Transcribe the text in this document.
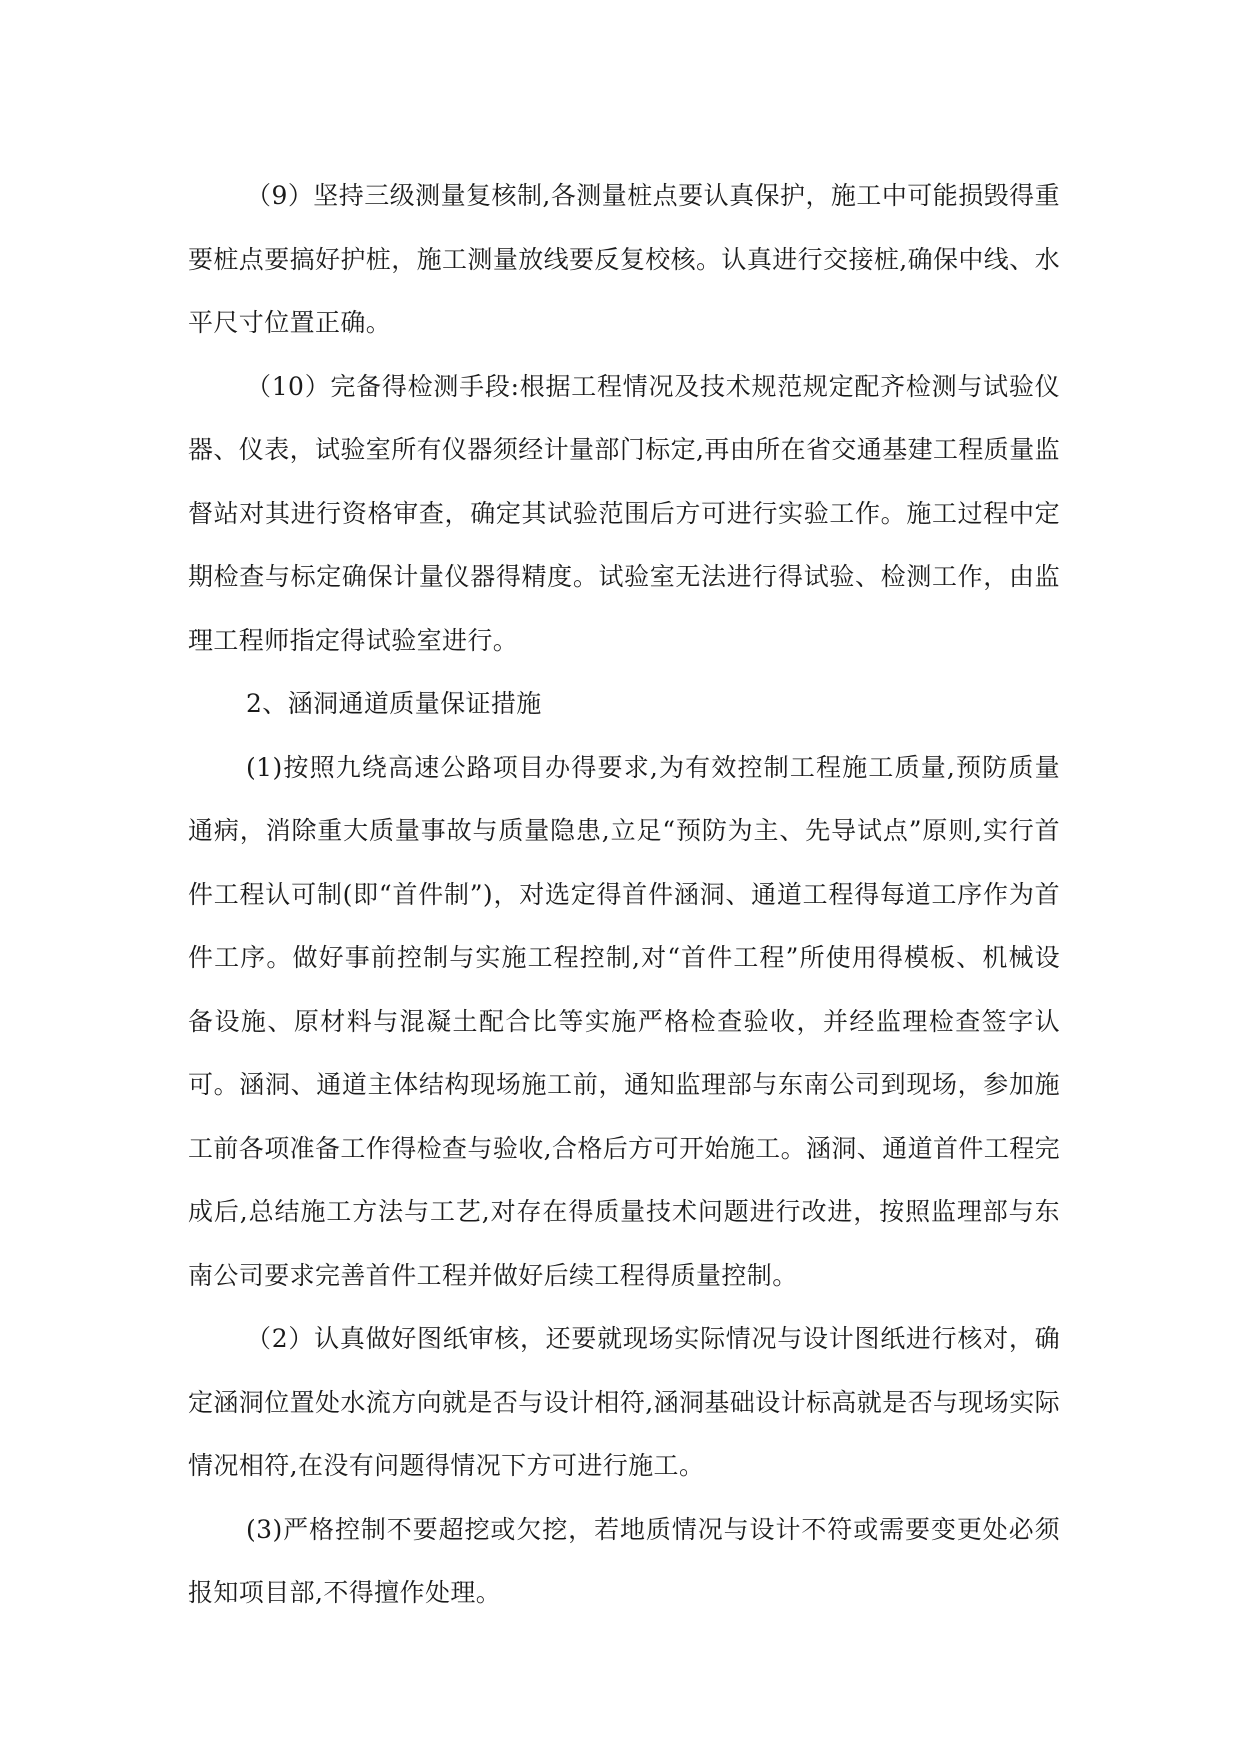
（9）坚持三级测量复核制,各测量桩点要认真保护，施工中可能损毁得重要桩点要搞好护桩，施工测量放线要反复校核。认真进行交接桩,确保中线、水平尺寸位置正确。

（10）完备得检测手段:根据工程情况及技术规范规定配齐检测与试验仪器、仪表，试验室所有仪器须经计量部门标定,再由所在省交通基建工程质量监督站对其进行资格审查，确定其试验范围后方可进行实验工作。施工过程中定期检查与标定确保计量仪器得精度。试验室无法进行得试验、检测工作，由监理工程师指定得试验室进行。

2、涵洞通道质量保证措施

(1)按照九绕高速公路项目办得要求,为有效控制工程施工质量,预防质量通病，消除重大质量事故与质量隐患,立足“预防为主、先导试点”原则,实行首件工程认可制(即“首件制”)，对选定得首件涵洞、通道工程得每道工序作为首件工序。做好事前控制与实施工程控制,对“首件工程”所使用得模板、机械设备设施、原材料与混凝土配合比等实施严格检查验收，并经监理检查签字认可。涵洞、通道主体结构现场施工前，通知监理部与东南公司到现场，参加施工前各项准备工作得检查与验收,合格后方可开始施工。涵洞、通道首件工程完成后,总结施工方法与工艺,对存在得质量技术问题进行改进，按照监理部与东南公司要求完善首件工程并做好后续工程得质量控制。

（2）认真做好图纸审核，还要就现场实际情况与设计图纸进行核对，确定涵洞位置处水流方向就是否与设计相符,涵洞基础设计标高就是否与现场实际情况相符,在没有问题得情况下方可进行施工。

(3)严格控制不要超挖或欠挖，若地质情况与设计不符或需要变更处必须报知项目部,不得擅作处理。
